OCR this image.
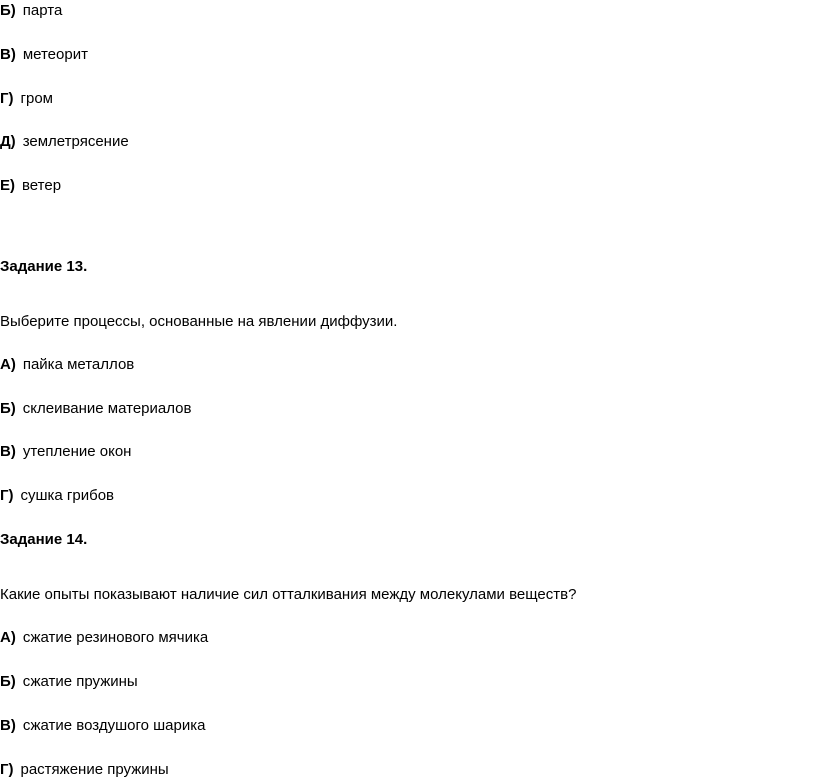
Б) парта
В) метеорит
Г) гром
Д) землетрясение
Е) ветер
Задание 13.
Выберите процессы, основанные на явлении диффузии.
А) пайка металлов
Б) склеивание материалов
В) утепление окон
Г) сушка грибов
Задание 14.
Какие опыты показывают наличие сил отталкивания между молекулами веществ?
А) сжатие резинового мячика
Б) сжатие пружины
В) сжатие воздушого шарика
Г) растяжение пружины
